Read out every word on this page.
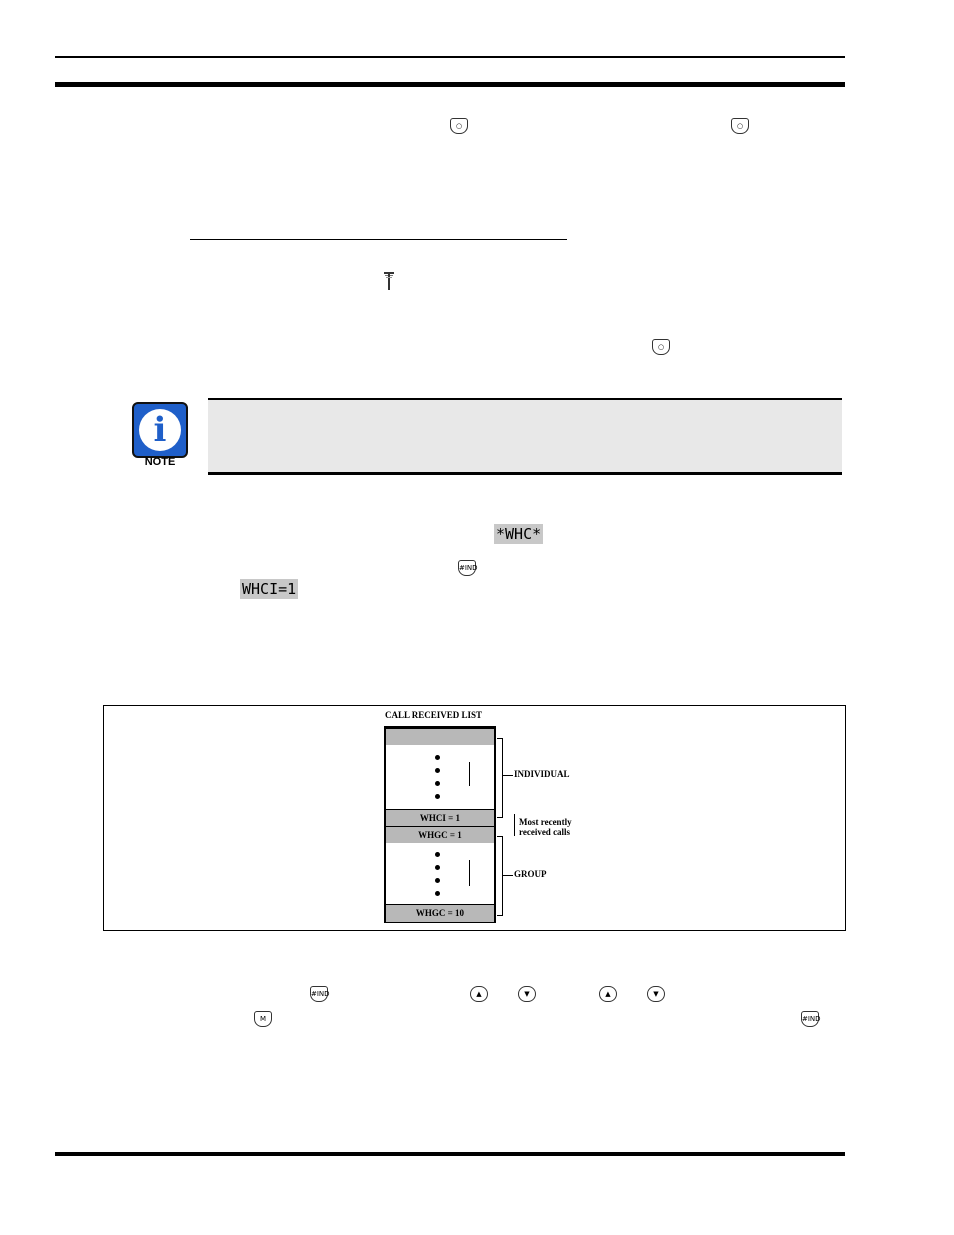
○	○
○
i
NOTE
*WHC*
#IND
WHCI=1
CALL RECEIVED LIST
WHCI = 1
WHGC = 1
WHGC = 10
INDIVIDUAL
Most recently
received calls
GROUP
#IND	▲	▼	▲	▼
M	#IND
